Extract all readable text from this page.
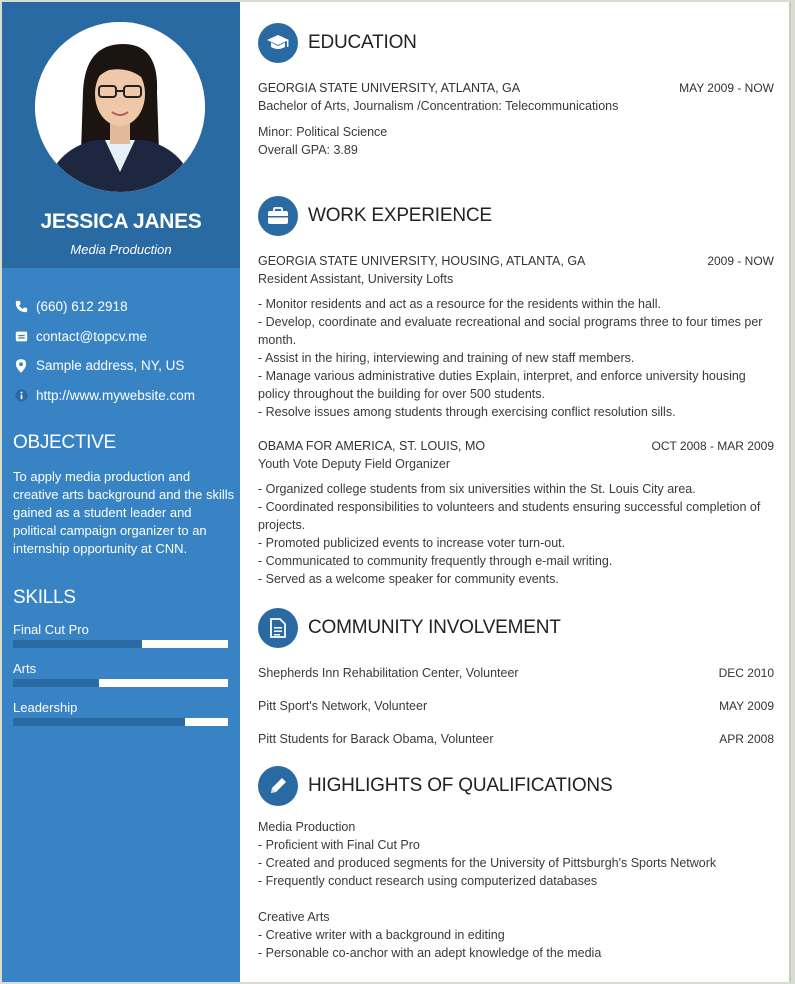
JESSICA JANES
Media Production
(660) 612 2918
contact@topcv.me
Sample address, NY, US
http://www.mywebsite.com
OBJECTIVE
To apply media production and creative arts background and the skills gained as a student leader and political campaign organizer to an internship opportunity at CNN.
SKILLS
Final Cut Pro
Arts
Leadership
EDUCATION
GEORGIA STATE UNIVERSITY, ATLANTA, GA	MAY 2009 - NOW
Bachelor of Arts, Journalism /Concentration: Telecommunications
Minor: Political Science
Overall GPA: 3.89
WORK EXPERIENCE
GEORGIA STATE UNIVERSITY, HOUSING, ATLANTA, GA	2009 - NOW
Resident Assistant, University Lofts
- Monitor residents and act as a resource for the residents within the hall.
- Develop, coordinate and evaluate recreational and social programs three to four times per month.
- Assist in the hiring, interviewing and training of new staff members.
- Manage various administrative duties Explain, interpret, and enforce university housing policy throughout the building for over 500 students.
- Resolve issues among students through exercising conflict resolution sills.
OBAMA FOR AMERICA, ST. LOUIS, MO	OCT 2008 - MAR 2009
Youth Vote Deputy Field Organizer
- Organized college students from six universities within the St. Louis City area.
- Coordinated responsibilities to volunteers and students ensuring successful completion of projects.
- Promoted publicized events to increase voter turn-out.
- Communicated to community frequently through e-mail writing.
- Served as a welcome speaker for community events.
COMMUNITY INVOLVEMENT
Shepherds Inn Rehabilitation Center, Volunteer	DEC 2010
Pitt Sport's Network, Volunteer	MAY 2009
Pitt Students for Barack Obama, Volunteer	APR 2008
HIGHLIGHTS OF QUALIFICATIONS
Media Production
- Proficient with Final Cut Pro
- Created and produced segments for the University of Pittsburgh's Sports Network
- Frequently conduct research using computerized databases
Creative Arts
- Creative writer with a background in editing
- Personable co-anchor with an adept knowledge of the media
